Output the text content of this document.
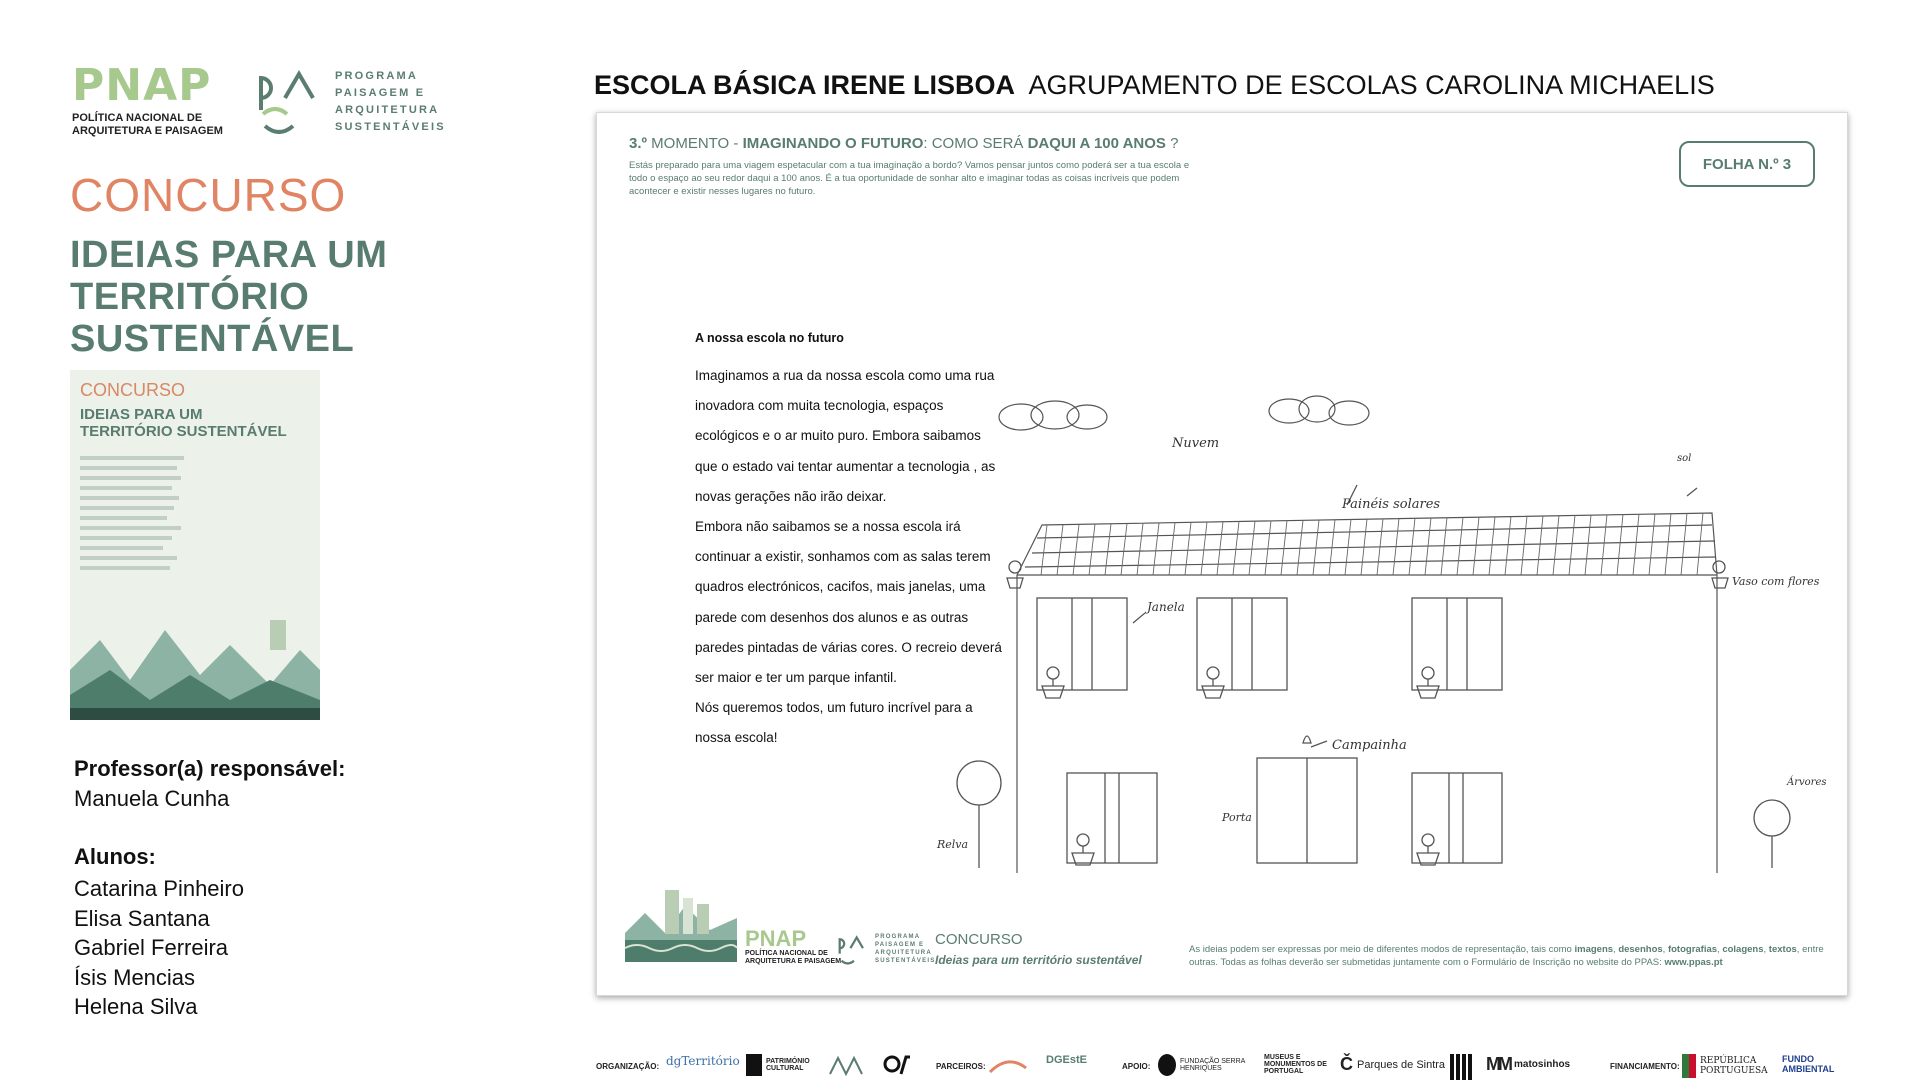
PNAP
POLÍTICA NACIONAL DE
ARQUITETURA E PAISAGEM
PROGRAMA
PAISAGEM E
ARQUITETURA
SUSTENTÁVEIS
CONCURSO
IDEIAS PARA UM
TERRITÓRIO
SUSTENTÁVEL
CONCURSO
IDEIAS PARA UM
TERRITÓRIO SUSTENTÁVEL
Professor(a) responsável:
Manuela Cunha
Alunos:
Catarina Pinheiro
Elisa Santana
Gabriel Ferreira
Ísis Mencias
Helena Silva
ESCOLA BÁSICA IRENE LISBOA AGRUPAMENTO DE ESCOLAS CAROLINA MICHAELIS
3.º MOMENTO - IMAGINANDO O FUTURO: COMO SERÁ DAQUI A 100 ANOS ?
Estás preparado para uma viagem espetacular com a tua imaginação a bordo? Vamos pensar juntos como poderá ser a tua escola e todo o espaço ao seu redor daqui a 100 anos. É a tua oportunidade de sonhar alto e imaginar todas as coisas incríveis que podem acontecer e existir nesses lugares no futuro.
FOLHA N.º 3
A nossa escola no futuro
Imaginamos a rua da nossa escola como uma rua
inovadora com muita tecnologia, espaços
ecológicos e o ar muito puro. Embora saibamos
que o estado vai tentar aumentar a tecnologia , as
novas gerações não irão deixar.
Embora não saibamos se a nossa escola irá
continuar a existir, sonhamos com as salas terem
quadros electrónicos, cacifos, mais janelas, uma
parede com desenhos dos alunos e as outras
paredes pintadas de várias cores. O recreio deverá
ser maior e ter um parque infantil.
Nós queremos todos, um futuro incrível para a
nossa escola!
Nuvem
sol
Painéis solares
Vaso com flores
Janela
Campainha
Porta
Relva
Árvores
PNAP
POLÍTICA NACIONAL DE
ARQUITETURA E PAISAGEM
PROGRAMA
PAISAGEM E
ARQUITETURA
SUSTENTÁVEIS
CONCURSO
Ideias para um território sustentável
As ideias podem ser expressas por meio de diferentes modos de representação, tais como imagens, desenhos, fotografias, colagens, textos, entre outras. Todas as folhas deverão ser submetidas juntamente com o Formulário de Inscrição no website do PPAS: www.ppas.pt
ORGANIZAÇÃO: dgTerritório	PATRIMÓNIO CULTURAL	PARCEIROS:
DGEstE
APOIO:
FUNDAÇÃO SERRA HENRIQUES
MUSEUS E MONUMENTOS DE PORTUGAL	Č Parques de Sintra MM matosinhos	FINANCIAMENTO:
REPÚBLICA PORTUGUESA
FUNDO AMBIENTAL
